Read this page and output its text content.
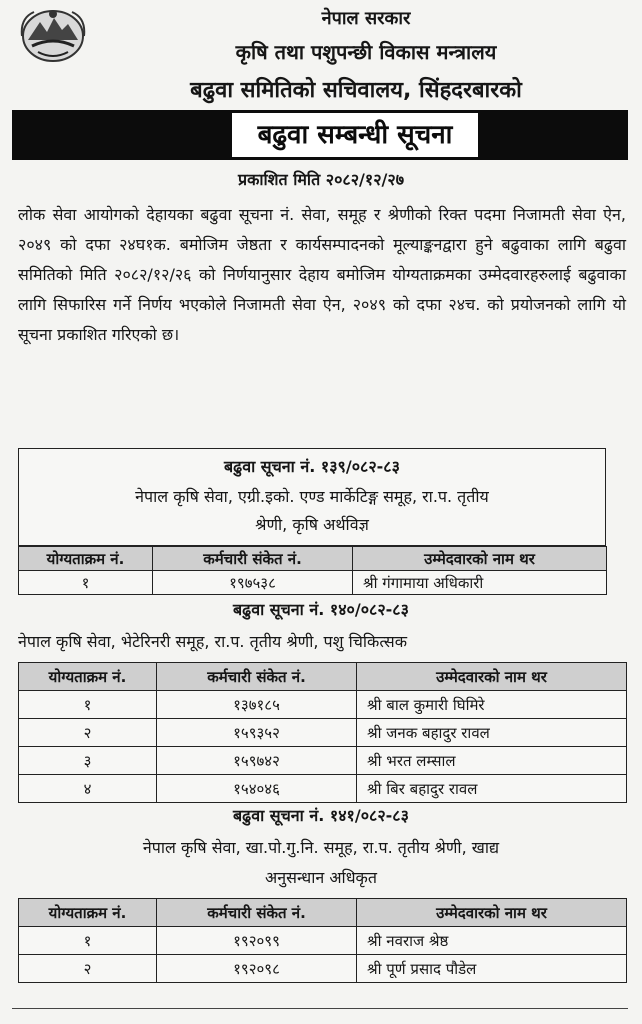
नेपाल सरकार
कृषि तथा पशुपन्छी विकास मन्त्रालय
बढुवा समितिको सचिवालय, सिंहदरबारको
बढुवा सम्बन्धी सूचना
प्रकाशित मिति २०८२/१२/२७
लोक सेवा आयोगको देहायका बढुवा सूचना नं. सेवा, समूह र श्रेणीको रिक्त पदमा निजामती सेवा ऐन, २०४९ को दफा २४घ१क. बमोजिम जेष्ठता र कार्यसम्पादनको मूल्याङ्कनद्वारा हुने बढुवाका लागि बढुवा समितिको मिति २०८२/१२/२६ को निर्णयानुसार देहाय बमोजिम योग्यताक्रमका उम्मेदवारहरुलाई बढुवाका लागि सिफारिस गर्ने निर्णय भएकोले निजामती सेवा ऐन, २०४९ को दफा २४च. को प्रयोजनको लागि यो सूचना प्रकाशित गरिएको छ।
बढुवा सूचना नं. १३९/०८२-८३
नेपाल कृषि सेवा, एग्री.इको. एण्ड मार्केटिङ्ग समूह, रा.प. तृतीय
श्रेणी, कृषि अर्थविज्ञ
योग्यताक्रम नं.	कर्मचारी संकेत नं.	उम्मेदवारको नाम थर
१	१९७५३८	श्री गंगामाया अधिकारी
बढुवा सूचना नं. १४०/०८२-८३
नेपाल कृषि सेवा, भेटेरिनरी समूह, रा.प. तृतीय श्रेणी, पशु चिकित्सक
योग्यताक्रम नं.	कर्मचारी संकेत नं.	उम्मेदवारको नाम थर
१	१३७१८५	श्री बाल कुमारी घिमिरे
२	१५९३५२	श्री जनक बहादुर रावल
३	१५९७४२	श्री भरत लम्साल
४	१५४०४६	श्री बिर बहादुर रावल
बढुवा सूचना नं. १४१/०८२-८३
नेपाल कृषि सेवा, खा.पो.गु.नि. समूह, रा.प. तृतीय श्रेणी, खाद्य
अनुसन्धान अधिकृत
योग्यताक्रम नं.	कर्मचारी संकेत नं.	उम्मेदवारको नाम थर
१	१९२०९९	श्री नवराज श्रेष्ठ
२	१९२०९८	श्री पूर्ण प्रसाद पौडेल
